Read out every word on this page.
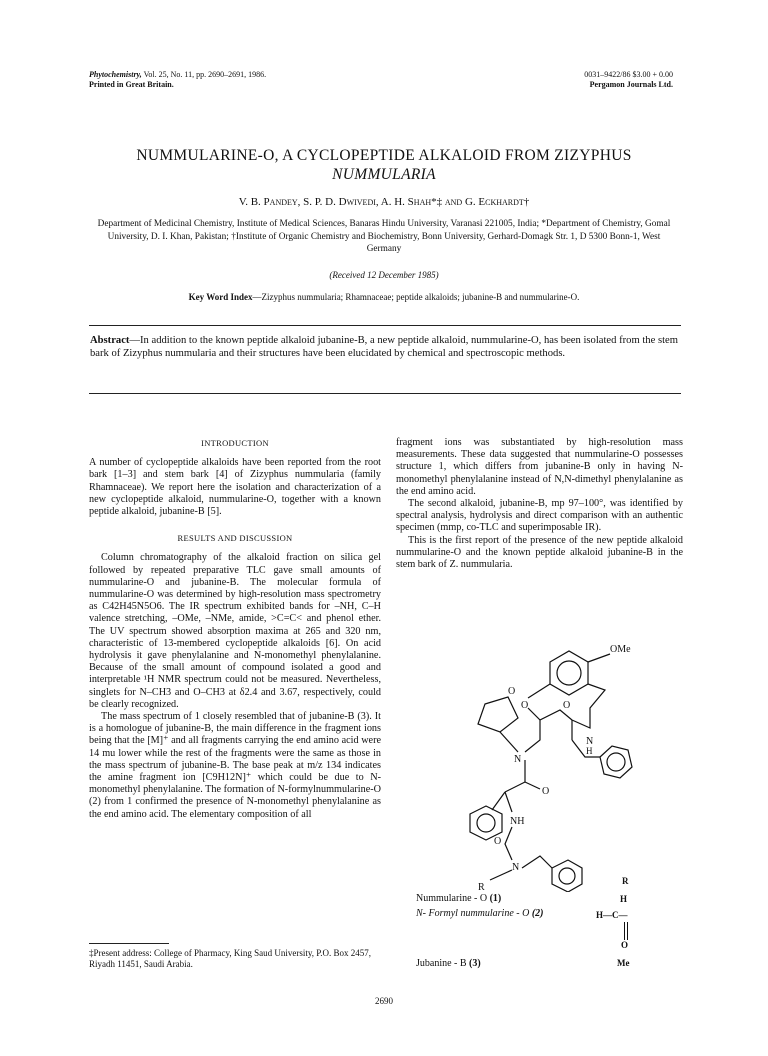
Phytochemistry, Vol. 25, No. 11, pp. 2690–2691, 1986.
Printed in Great Britain.
0031–9422/86 $3.00 + 0.00
Pergamon Journals Ltd.
NUMMULARINE-O, A CYCLOPEPTIDE ALKALOID FROM ZIZYPHUS
NUMMULARIA
V. B. Pandey, S. P. D. Dwivedi, A. H. Shah*‡ and G. Eckhardt†
Department of Medicinal Chemistry, Institute of Medical Sciences, Banaras Hindu University, Varanasi 221005, India; *Department of Chemistry, Gomal University, D. I. Khan, Pakistan; †Institute of Organic Chemistry and Biochemistry, Bonn University, Gerhard-Domagk Str. 1, D 5300 Bonn-1, West Germany
(Received 12 December 1985)
Key Word Index—Zizyphus nummularia; Rhamnaceae; peptide alkaloids; jubanine-B and nummularine-O.
Abstract—In addition to the known peptide alkaloid jubanine-B, a new peptide alkaloid, nummularine-O, has been isolated from the stem bark of Zizyphus nummularia and their structures have been elucidated by chemical and spectroscopic methods.

INTRODUCTION

A number of cyclopeptide alkaloids have been reported from the root bark [1–3] and stem bark [4] of Zizyphus nummularia (family Rhamnaceae). We report here the isolation and characterization of a new cyclopeptide alkaloid, nummularine-O, together with a known peptide alkaloid, jubanine-B [5].

RESULTS AND DISCUSSION

Column chromatography of the alkaloid fraction on silica gel followed by repeated preparative TLC gave small amounts of nummularine-O and jubanine-B. The molecular formula of nummularine-O was determined by high-resolution mass spectrometry as C42H45N5O6. The IR spectrum exhibited bands for –NH, C–H valence stretching, –OMe, –NMe, amide, >C=C< and phenol ether. The UV spectrum showed absorption maxima at 265 and 320 nm, characteristic of 13-membered cyclopeptide alkaloids [6]. On acid hydrolysis it gave phenylalanine and N-monomethyl phenylalanine. Because of the small amount of compound isolated a good and interpretable ¹H NMR spectrum could not be measured. Nevertheless, singlets for N–CH3 and O–CH3 at δ2.4 and 3.67, respectively, could be clearly recognized.

The mass spectrum of 1 closely resembled that of jubanine-B (3). It is a homologue of jubanine-B, the main difference in the fragment ions being that the [M]⁺ and all fragments carrying the end amino acid were 14 mu lower while the rest of the fragments were the same as those in the mass spectrum of jubanine-B. The base peak at m/z 134 indicates the amine fragment ion [C9H12N]⁺ which could be due to N-monomethyl phenylalanine. The formation of N-formylnummularine-O (2) from 1 confirmed the presence of N-monomethyl phenylalanine as the end amino acid. The elementary composition of all

fragment ions was substantiated by high-resolution mass measurements. These data suggested that nummularine-O possesses structure 1, which differs from jubanine-B only in having N-monomethyl phenylalanine instead of N,N-dimethyl phenylalanine as the end amino acid.

The second alkaloid, jubanine-B, mp 97–100°, was identified by spectral analysis, hydrolysis and direct comparison with an authentic specimen (mmp, co-TLC and superimposable IR).

This is the first report of the presence of the new peptide alkaloid nummularine-O and the known peptide alkaloid jubanine-B in the stem bark of Z. nummularia.

OMe
O
N
O	O
N
H
O
NH
O
N
R
Nummularine - O (1)
N- Formyl nummularine - O (2)
Jubanine - B (3)
R
H
H—C—
O
Me
‡Present address: College of Pharmacy, King Saud University, P.O. Box 2457, Riyadh 11451, Saudi Arabia.
2690
